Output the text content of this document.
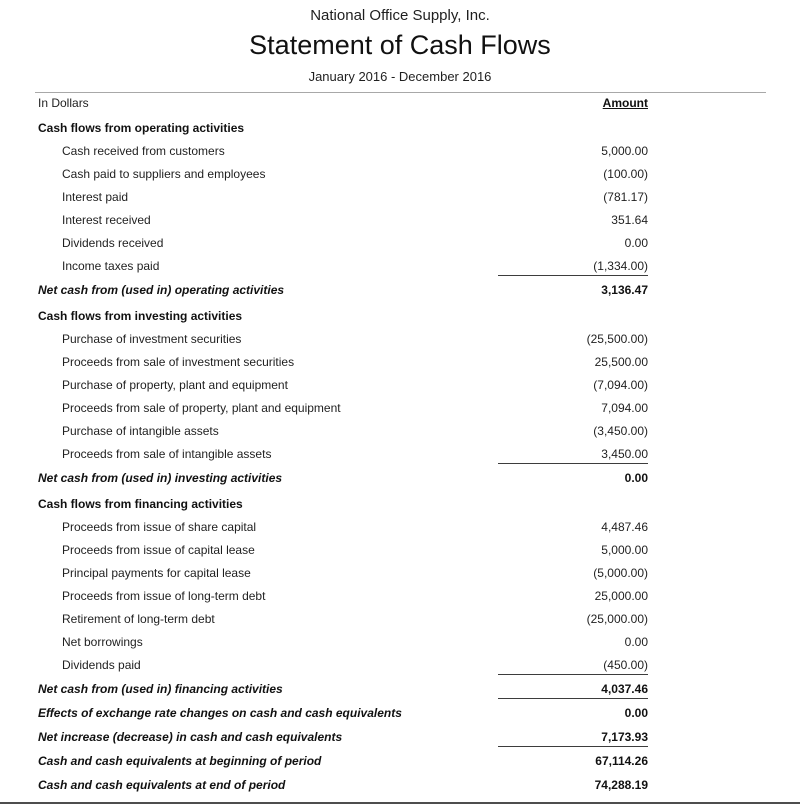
National Office Supply, Inc.
Statement of Cash Flows
January 2016 - December 2016
In Dollars	Amount
Cash flows from operating activities
Cash received from customers	5,000.00
Cash paid to suppliers and employees	(100.00)
Interest paid	(781.17)
Interest received	351.64
Dividends received	0.00
Income taxes paid	(1,334.00)
Net cash from (used in) operating activities	3,136.47
Cash flows from investing activities
Purchase of investment securities	(25,500.00)
Proceeds from sale of investment securities	25,500.00
Purchase of property, plant and equipment	(7,094.00)
Proceeds from sale of property, plant and equipment	7,094.00
Purchase of intangible assets	(3,450.00)
Proceeds from sale of intangible assets	3,450.00
Net cash from (used in) investing activities	0.00
Cash flows from financing activities
Proceeds from issue of share capital	4,487.46
Proceeds from issue of capital lease	5,000.00
Principal payments for capital lease	(5,000.00)
Proceeds from issue of long-term debt	25,000.00
Retirement of long-term debt	(25,000.00)
Net borrowings	0.00
Dividends paid	(450.00)
Net cash from (used in) financing activities	4,037.46
Effects of exchange rate changes on cash and cash equivalents	0.00
Net increase (decrease) in cash and cash equivalents	7,173.93
Cash and cash equivalents at beginning of period	67,114.26
Cash and cash equivalents at end of period	74,288.19
